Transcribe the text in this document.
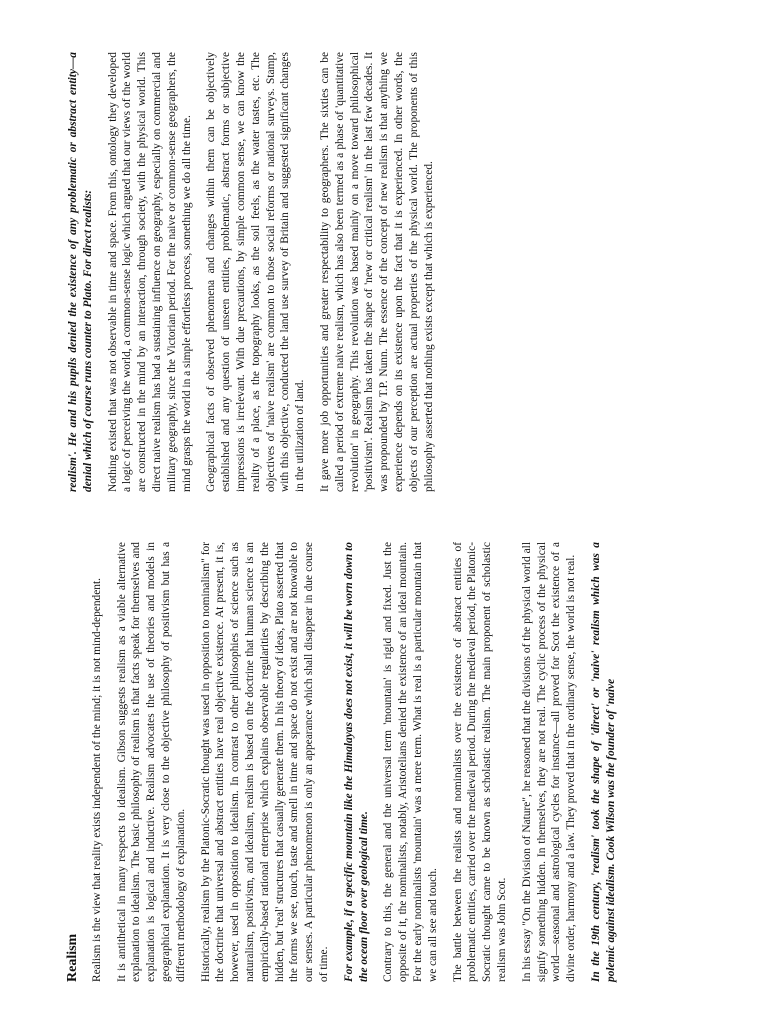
Realism Realism is the view that reality exists independent of the mind; it is not mind-dependent. It is antithetical in many respects to idealism. Gibson suggests realism as a viable alternative explanation to idealism. The basic philosophy of realism is that facts speak for themselves and explanation is logical and inductive. Realism advocates the use of theories and models in geographical explanation. It is very close to the objective philosophy of positivism but has a different methodology of explanation. Historically, realism by the Platonic-Socratic thought was used in opposition to nominalism" for the doctrine that universal and abstract entities have real objective existence. At present, it is, however, used in opposition to idealism. In contrast to other philosophies of science such as naturalism, positivism, and idealism, realism is based on the doctrine that human science is an empirically-based rational enterprise which explains observable regularities by describing the hidden, but 'real' structures that casually generate them. In his theory of ideas, Plato asserted that the forms we see, touch, taste and smell in time and space do not exist and are not knowable to our senses. A particular phenomenon is only an appearance which shall disappear in due course of time. For example, if a specific mountain like the Himalayas does not exist, it will be worn down to the ocean floor over geological time. Contrary to this, the general and the universal term 'mountain' is rigid and fixed. Just the opposite of it, the nominalists, notably, Aristotelians denied the existence of an ideal mountain. For the early nominalists 'mountain' was a mere term. What is real is a particular mountain that we can all see and touch. The battle between the realists and nominalists over the existence of abstract entities of problematic entities, carried over the medieval period. During the medieval period, the Platonic-Socratic thought came to be known as scholastic realism. The main proponent of scholastic realism was John Scot. In his essay "On the Division of Nature", he reasoned that the divisions of the physical world all signify something hidden. In themselves, they are not real. The cyclic process of the physical world—seasonal and astrological cycles for instance—all proved for Scot the existence of a divine order, harmony and a law. They proved that in the ordinary sense, the world is not real. In the 19th century, 'realism' took the shape of 'direct' or 'naive' realism which was a polemic against idealism. Cook Wilson was the founder of 'naive

realism'. He and his pupils denied the existence of any problematic or abstract entity—a denial which of course runs counter to Plato. For direct realists: Nothing existed that was not observable in time and space. From this, ontology they developed a logic of perceiving the world, a common-sense logic which argued that our views of the world are constructed in the mind by an interaction, through society, with the physical world. This direct naive realism has had a sustaining influence on geography, especially on commercial and military geography, since the Victorian period. For the naive or common-sense geographers, the mind grasps the world in a simple effortless process, something we do all the time. Geographical facts of observed phenomena and changes within them can be objectively established and any question of unseen entities, problematic, abstract forms or subjective impressions is irrelevant. With due precautions, by simple common sense, we can know the reality of a place, as the topography looks, as the soil feels, as the water tastes, etc. The objectives of 'naive realism' are common to those social reforms or national surveys. Stamp, with this objective, conducted the land use survey of Britain and suggested significant changes in the utilization of land. It gave more job opportunities and greater respectability to geographers. The sixties can be called a period of extreme naive realism, which has also been termed as a phase of 'quantitative revolution' in geography. This revolution was based mainly on a move toward philosophical 'positivism'. Realism has taken the shape of 'new or critical realism' in the last few decades. It was propounded by T.P. Nunn. The essence of the concept of new realism is that anything we experience depends on its existence upon the fact that it is experienced. In other words, the objects of our perception are actual properties of the physical world. The proponents of this philosophy asserted that nothing exists except that which is experienced.
